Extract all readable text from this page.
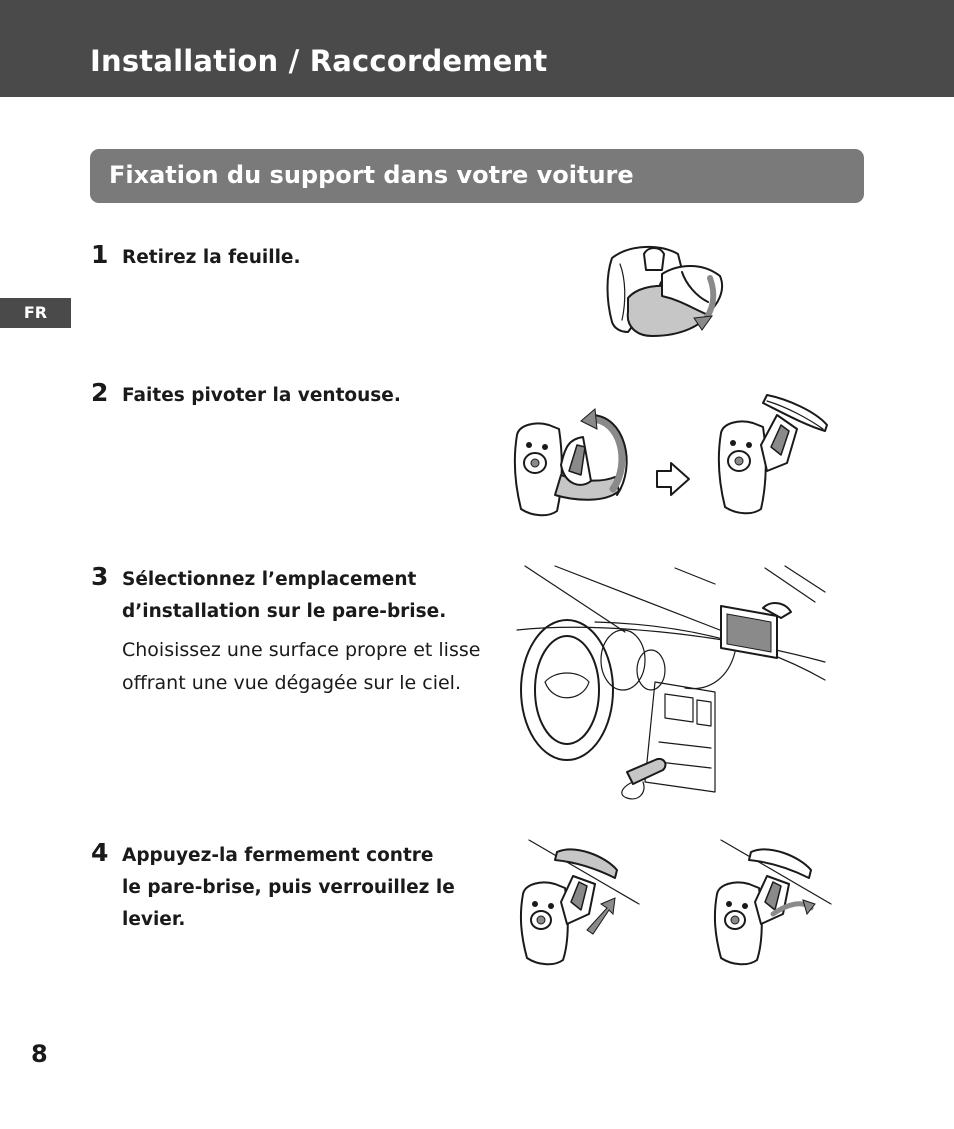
Installation / Raccordement
Fixation du support dans votre voiture
FR
1 Retirez la feuille.
2 Faites pivoter la ventouse.
3 Sélectionnez l’emplacement
d’installation sur le pare-brise.
Choisissez une surface propre et lisse
offrant une vue dégagée sur le ciel.
4 Appuyez-la fermement contre
le pare-brise, puis verrouillez le
levier.
8
